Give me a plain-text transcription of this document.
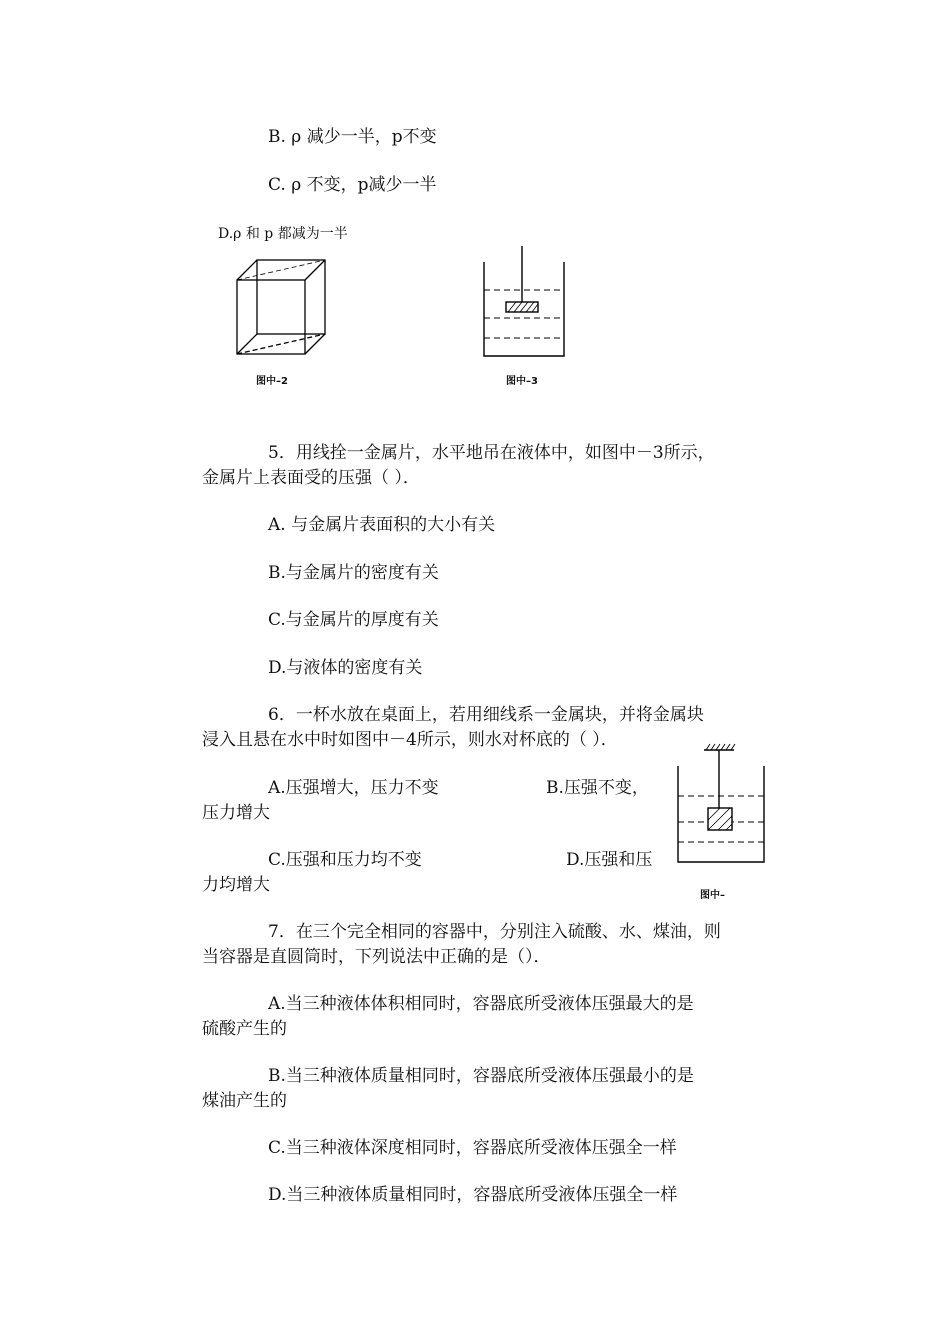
B. ρ 减少一半，p不变
C. ρ 不变，p减少一半
D.ρ 和 p 都减为一半
图中–2	图中–3
5．用线拴一金属片，水平地吊在液体中，如图中－3所示，
金属片上表面受的压强（ ）．
A. 与金属片表面积的大小有关
B.与金属片的密度有关
C.与金属片的厚度有关
D.与液体的密度有关
6．一杯水放在桌面上，若用细线系一金属块，并将金属块
浸入且悬在水中时如图中－4所示，则水对杯底的（ ）．
A.压强增大，压力不变	B.压强不变，
压力增大
C.压强和压力均不变	D.压强和压
力均增大
图中–
7．在三个完全相同的容器中，分别注入硫酸、水、煤油，则
当容器是直圆筒时，下列说法中正确的是（）．
A.当三种液体体积相同时，容器底所受液体压强最大的是
硫酸产生的
B.当三种液体质量相同时，容器底所受液体压强最小的是
煤油产生的
C.当三种液体深度相同时，容器底所受液体压强全一样
D.当三种液体质量相同时，容器底所受液体压强全一样
